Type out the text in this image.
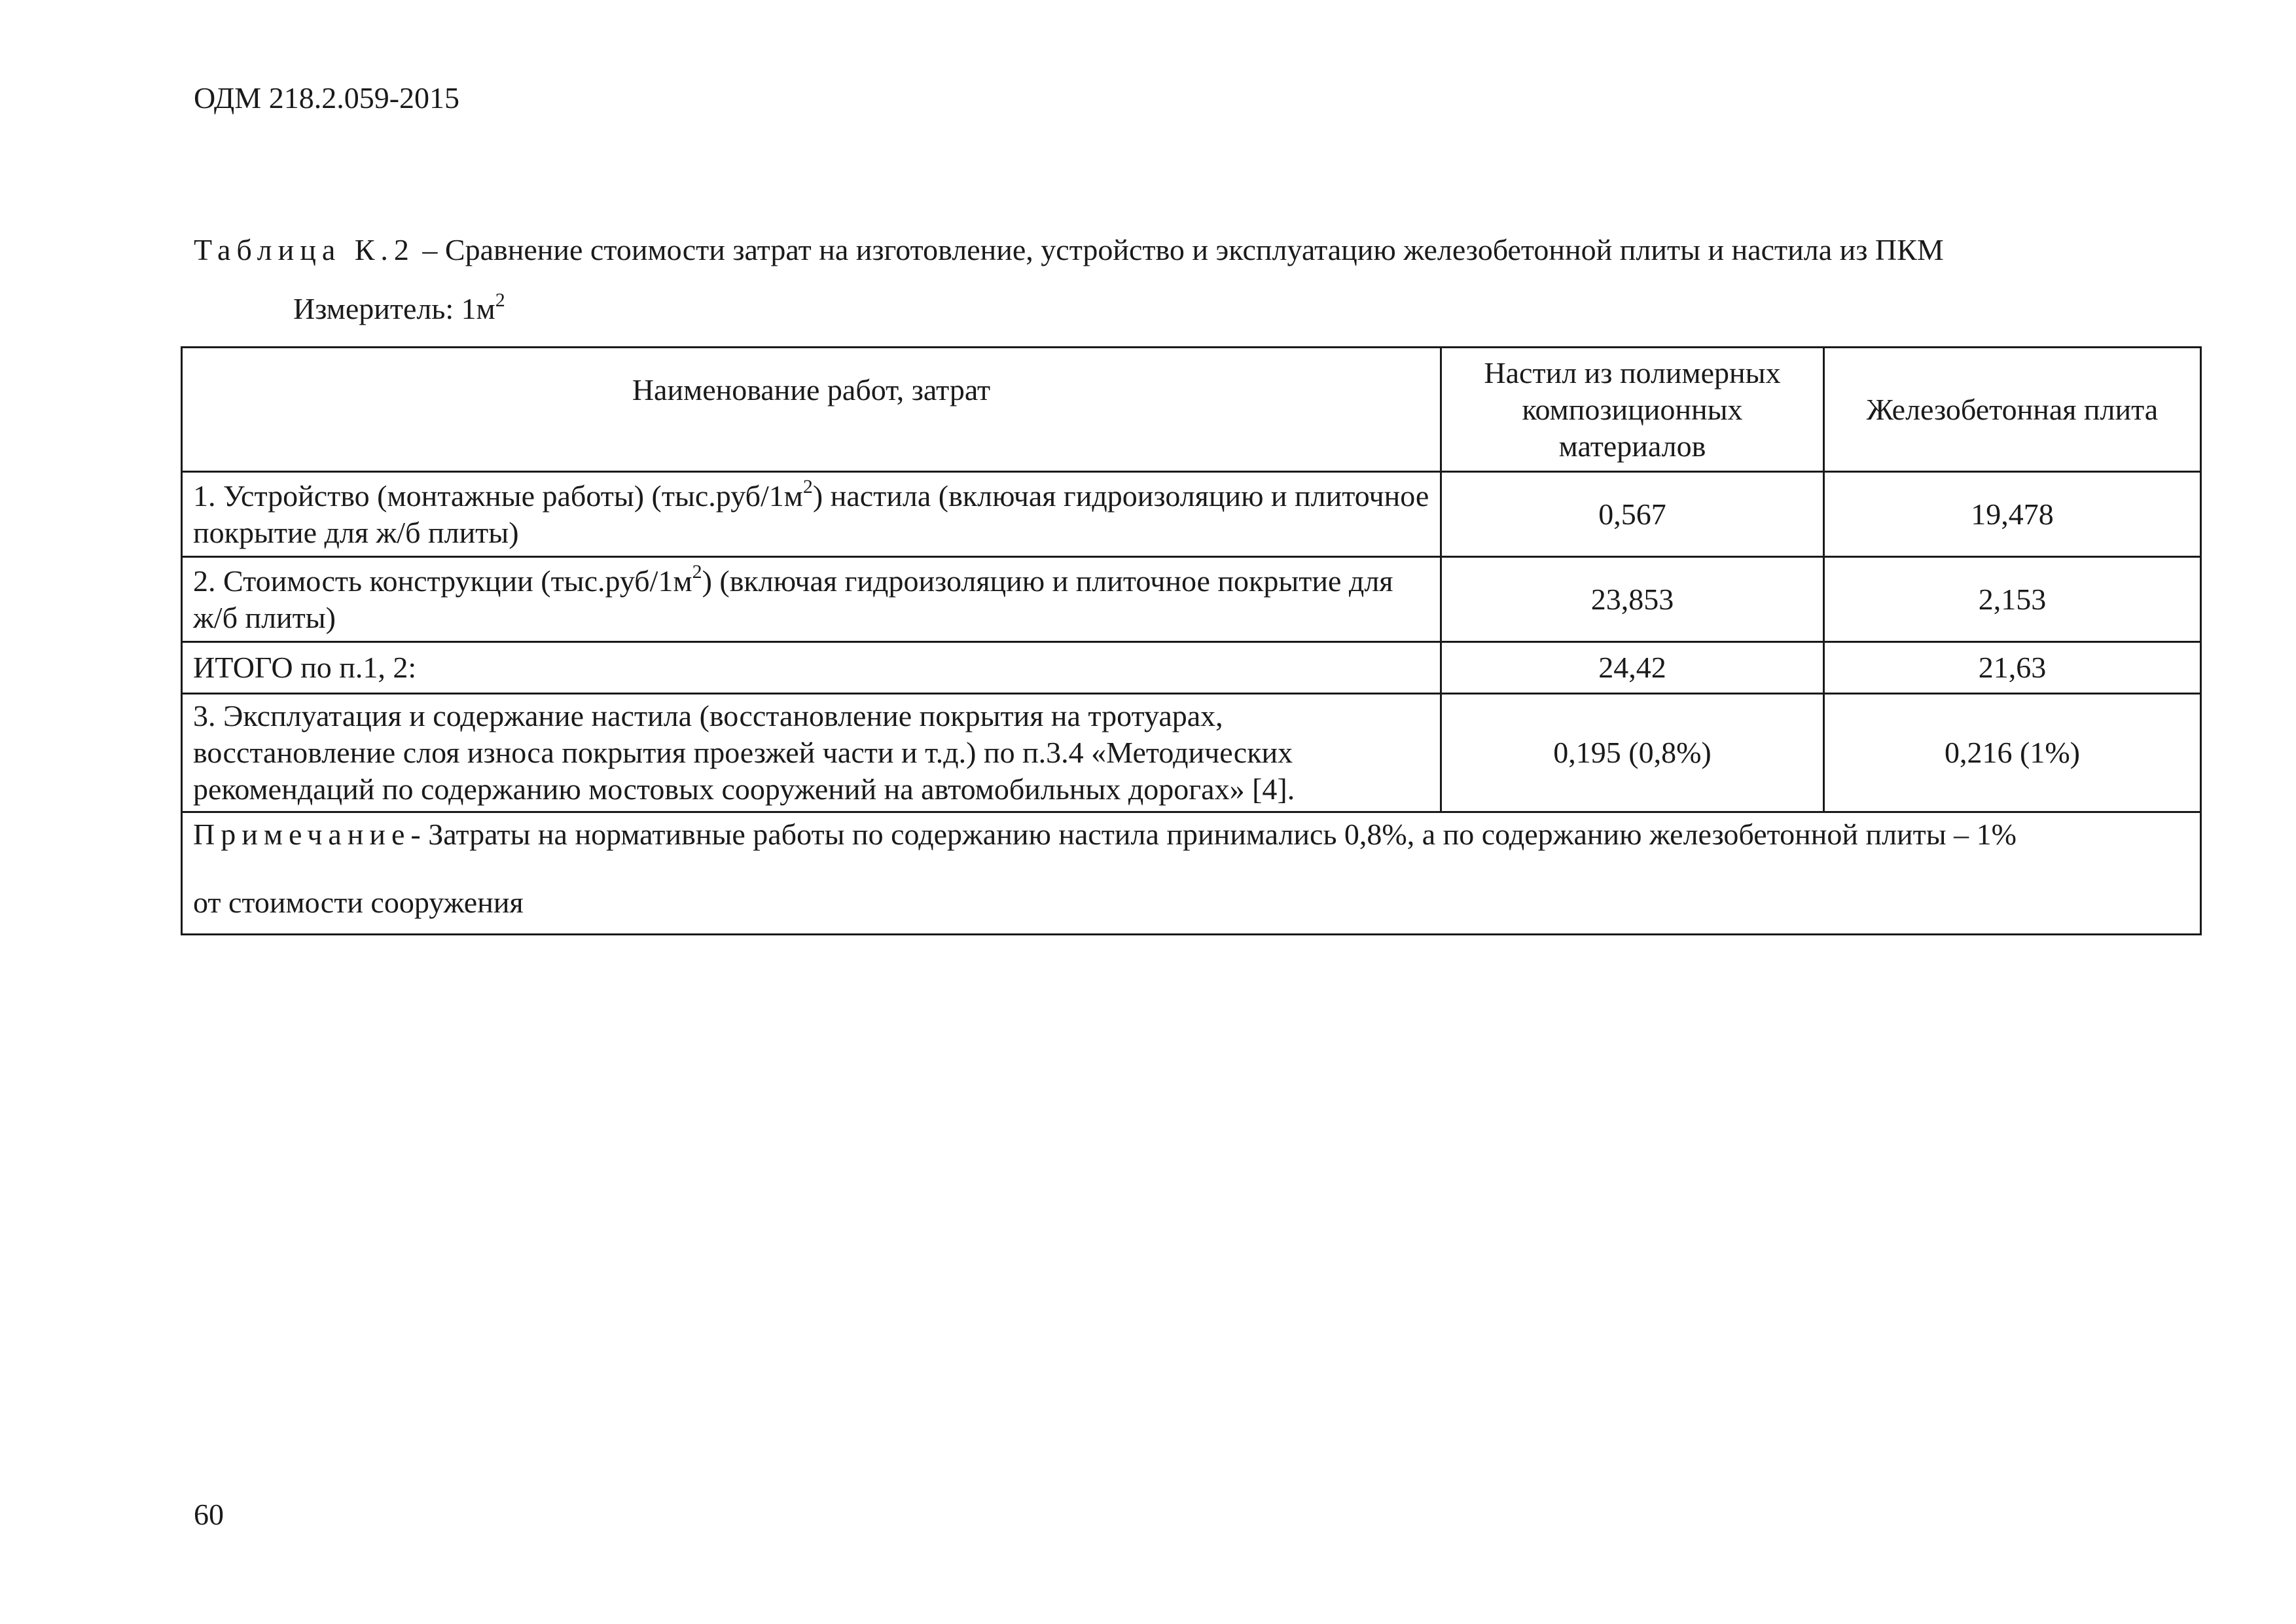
ОДМ 218.2.059-2015
Таблица К.2 – Сравнение стоимости затрат на изготовление, устройство и эксплуатацию железобетонной плиты и настила из ПКМ
Измеритель: $1м^2$
Наименование работ, затрат	Настил из полимерных композиционных материалов	Железобетонная плита
1. Устройство (монтажные работы) $(тыс.руб/1м^2)$ настила (включая гидроизоляцию и плиточное покрытие для ж/б плиты)	0,567	19,478
2. Стоимость конструкции $(тыс.руб/1м^2)$ (включая гидроизоляцию и плиточное покрытие для ж/б плиты)	23,853	2,153
ИТОГО по п.1, 2:	24,42	21,63
3. Эксплуатация и содержание настила (восстановление покрытия на тротуарах, восстановление слоя износа покрытия проезжей части и т.д.) по п.3.4 «Методических рекомендаций по содержанию мостовых сооружений на автомобильных дорогах» [4].	0,195 (0,8%)	0,216 (1%)

Примечание- Затраты на нормативные работы по содержанию настила принимались 0,8%, а по содержанию железобетонной плиты – 1%
от стоимости сооружения		
60
